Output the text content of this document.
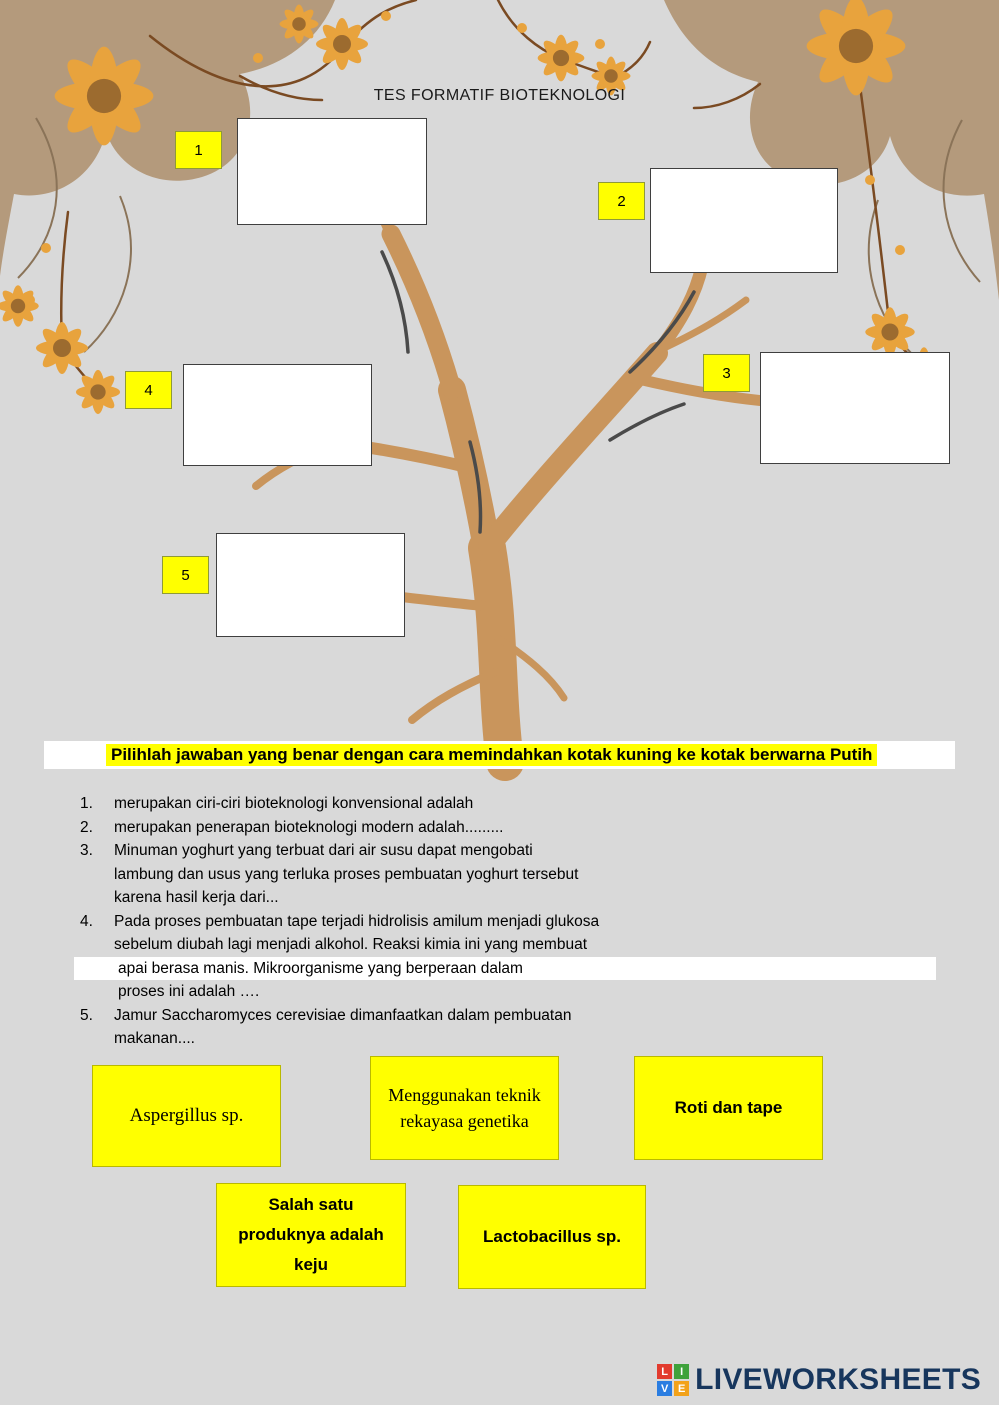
TES FORMATIF BIOTEKNOLOGI
1
2
3
4
5
Pilihlah jawaban yang benar dengan cara memindahkan kotak kuning ke kotak berwarna Putih
1.	merupakan ciri-ciri bioteknologi konvensional adalah
2.	merupakan penerapan bioteknologi modern adalah.........
3.	Minuman yoghurt yang terbuat dari air susu dapat mengobati
lambung dan usus yang terluka proses pembuatan yoghurt tersebut
karena hasil kerja dari...
4.	Pada proses pembuatan tape terjadi hidrolisis amilum menjadi glukosa
sebelum diubah lagi menjadi alkohol. Reaksi kimia ini yang membuat
apai berasa manis. Mikroorganisme yang berperaan dalam
proses ini adalah ….
5.	Jamur Saccharomyces cerevisiae dimanfaatkan dalam pembuatan
makanan....
Aspergillus sp.
Menggunakan teknik rekayasa genetika
Roti dan tape
Salah satu produknya adalah keju
Lactobacillus sp.
L	I
V E LIVEWORKSHEETS
